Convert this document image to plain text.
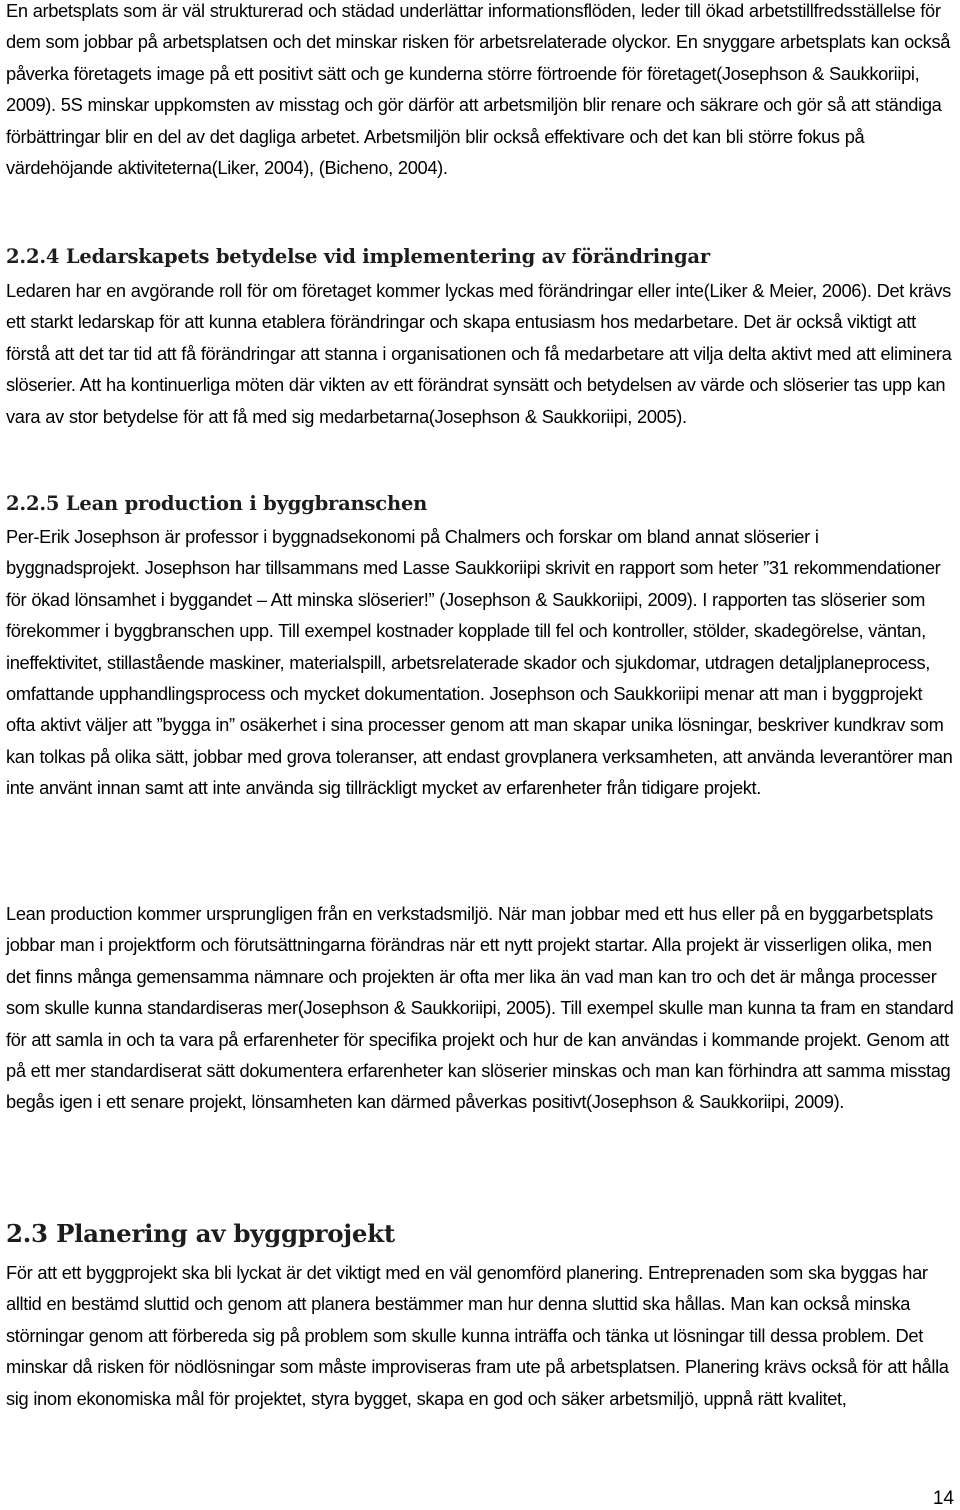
En arbetsplats som är väl strukturerad och städad underlättar informationsflöden, leder till ökad arbetstillfredsställelse för dem som jobbar på arbetsplatsen och det minskar risken för arbetsrelaterade olyckor. En snyggare arbetsplats kan också påverka företagets image på ett positivt sätt och ge kunderna större förtroende för företaget(Josephson & Saukkoriipi, 2009). 5S minskar uppkomsten av misstag och gör därför att arbetsmiljön blir renare och säkrare och gör så att ständiga förbättringar blir en del av det dagliga arbetet. Arbetsmiljön blir också effektivare och det kan bli större fokus på värdehöjande aktiviteterna(Liker, 2004), (Bicheno, 2004).

2.2.4 Ledarskapets betydelse vid implementering av förändringar

Ledaren har en avgörande roll för om företaget kommer lyckas med förändringar eller inte(Liker & Meier, 2006). Det krävs ett starkt ledarskap för att kunna etablera förändringar och skapa entusiasm hos medarbetare. Det är också viktigt att förstå att det tar tid att få förändringar att stanna i organisationen och få medarbetare att vilja delta aktivt med att eliminera slöserier. Att ha kontinuerliga möten där vikten av ett förändrat synsätt och betydelsen av värde och slöserier tas upp kan vara av stor betydelse för att få med sig medarbetarna(Josephson & Saukkoriipi, 2005).

2.2.5 Lean production i byggbranschen

Per-Erik Josephson är professor i byggnadsekonomi på Chalmers och forskar om bland annat slöserier i byggnadsprojekt. Josephson har tillsammans med Lasse Saukkoriipi skrivit en rapport som heter ”31 rekommendationer för ökad lönsamhet i byggandet – Att minska slöserier!” (Josephson & Saukkoriipi, 2009). I rapporten tas slöserier som förekommer i byggbranschen upp. Till exempel kostnader kopplade till fel och kontroller, stölder, skadegörelse, väntan, ineffektivitet, stillastående maskiner, materialspill, arbetsrelaterade skador och sjukdomar, utdragen detaljplaneprocess, omfattande upphandlingsprocess och mycket dokumentation. Josephson och Saukkoriipi menar att man i byggprojekt ofta aktivt väljer att ”bygga in” osäkerhet i sina processer genom att man skapar unika lösningar, beskriver kundkrav som kan tolkas på olika sätt, jobbar med grova toleranser, att endast grovplanera verksamheten, att använda leverantörer man inte använt innan samt att inte använda sig tillräckligt mycket av erfarenheter från tidigare projekt.

Lean production kommer ursprungligen från en verkstadsmiljö. När man jobbar med ett hus eller på en byggarbetsplats jobbar man i projektform och förutsättningarna förändras när ett nytt projekt startar. Alla projekt är visserligen olika, men det finns många gemensamma nämnare och projekten är ofta mer lika än vad man kan tro och det är många processer som skulle kunna standardiseras mer(Josephson & Saukkoriipi, 2005). Till exempel skulle man kunna ta fram en standard för att samla in och ta vara på erfarenheter för specifika projekt och hur de kan användas i kommande projekt. Genom att på ett mer standardiserat sätt dokumentera erfarenheter kan slöserier minskas och man kan förhindra att samma misstag begås igen i ett senare projekt, lönsamheten kan därmed påverkas positivt(Josephson & Saukkoriipi, 2009).

2.3 Planering av byggprojekt

För att ett byggprojekt ska bli lyckat är det viktigt med en väl genomförd planering. Entreprenaden som ska byggas har alltid en bestämd sluttid och genom att planera bestämmer man hur denna sluttid ska hållas. Man kan också minska störningar genom att förbereda sig på problem som skulle kunna inträffa och tänka ut lösningar till dessa problem. Det minskar då risken för nödlösningar som måste improviseras fram ute på arbetsplatsen. Planering krävs också för att hålla sig inom ekonomiska mål för projektet, styra bygget, skapa en god och säker arbetsmiljö, uppnå rätt kvalitet,

14
